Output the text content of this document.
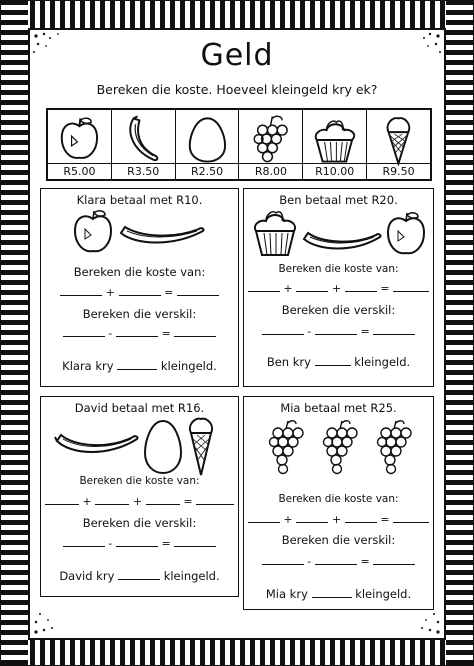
Geld
Bereken die koste. Hoeveel kleingeld kry ek?
R5.00	R3.50	R2.50	R8.00	R10.00	R9.50
Klara betaal met R10.
Bereken die koste van:
+	=
Bereken die verskil:
-	=
Klara kry	kleingeld.
Ben betaal met R20.
Bereken die koste van:
+	+	=
Bereken die verskil:
-	=
Ben kry	kleingeld.
David betaal met R16.
Bereken die koste van:
+	+	=
Bereken die verskil:
-	=
David kry	kleingeld.
Mia betaal met R25.
Bereken die koste van:
+	+	=
Bereken die verskil:
-	=
Mia kry	kleingeld.
